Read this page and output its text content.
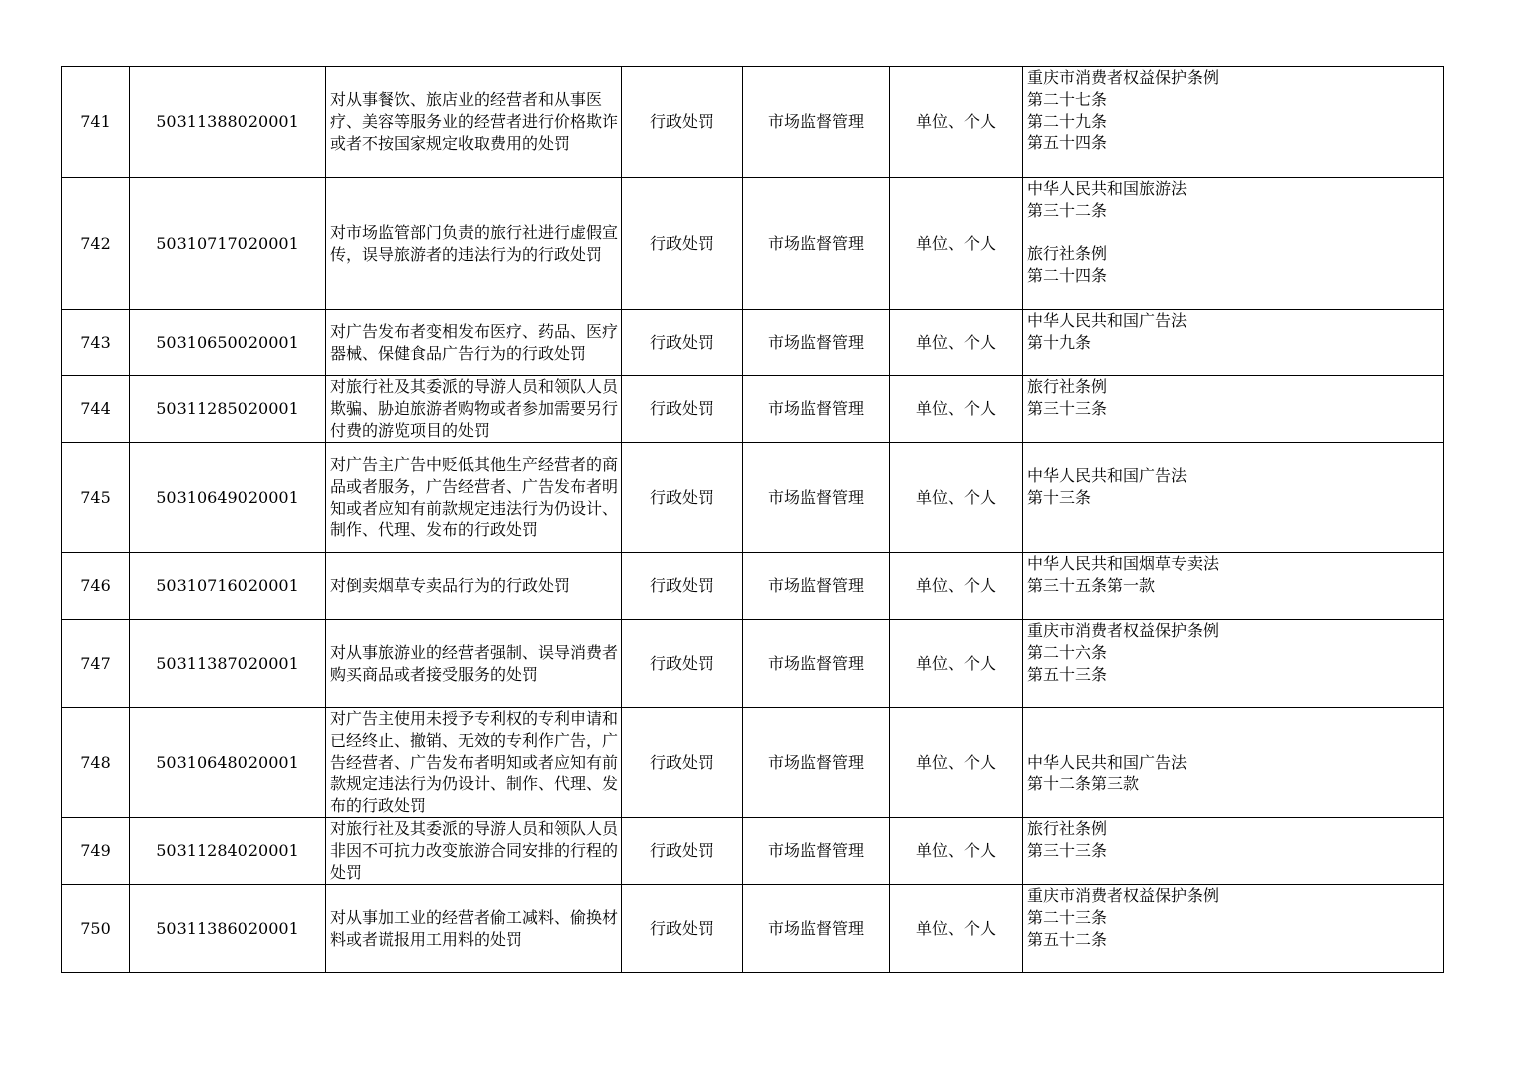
741	50311388020001	对从事餐饮、旅店业的经营者和从事医疗、美容等服务业的经营者进行价格欺诈或者不按国家规定收取费用的处罚	行政处罚	市场监督管理	单位、个人	重庆市消费者权益保护条例
第二十七条
第二十九条
第五十四条

742	50310717020001	对市场监管部门负责的旅行社进行虚假宣传，误导旅游者的违法行为的行政处罚	行政处罚	市场监督管理	单位、个人	中华人民共和国旅游法
第三十二条
旅行社条例
第二十四条

743	50310650020001	对广告发布者变相发布医疗、药品、医疗器械、保健食品广告行为的行政处罚	行政处罚	市场监督管理	单位、个人	中华人民共和国广告法
第十九条

744	50311285020001	对旅行社及其委派的导游人员和领队人员欺骗、胁迫旅游者购物或者参加需要另行付费的游览项目的处罚	行政处罚	市场监督管理	单位、个人	旅行社条例
第三十三条

745	50310649020001	对广告主广告中贬低其他生产经营者的商品或者服务，广告经营者、广告发布者明知或者应知有前款规定违法行为仍设计、制作、代理、发布的行政处罚	行政处罚	市场监督管理	单位、个人	中华人民共和国广告法
第十三条

746	50310716020001	对倒卖烟草专卖品行为的行政处罚	行政处罚	市场监督管理	单位、个人	中华人民共和国烟草专卖法
第三十五条第一款

747	50311387020001	对从事旅游业的经营者强制、误导消费者购买商品或者接受服务的处罚	行政处罚	市场监督管理	单位、个人	重庆市消费者权益保护条例
第二十六条
第五十三条

748	50310648020001	对广告主使用未授予专利权的专利申请和已经终止、撤销、无效的专利作广告，广告经营者、广告发布者明知或者应知有前款规定违法行为仍设计、制作、代理、发布的行政处罚	行政处罚	市场监督管理	单位、个人	中华人民共和国广告法
第十二条第三款

749	50311284020001	对旅行社及其委派的导游人员和领队人员非因不可抗力改变旅游合同安排的行程的处罚	行政处罚	市场监督管理	单位、个人	旅行社条例
第三十三条

750	50311386020001	对从事加工业的经营者偷工减料、偷换材料或者谎报用工用料的处罚	行政处罚	市场监督管理	单位、个人	重庆市消费者权益保护条例
第二十三条
第五十二条
